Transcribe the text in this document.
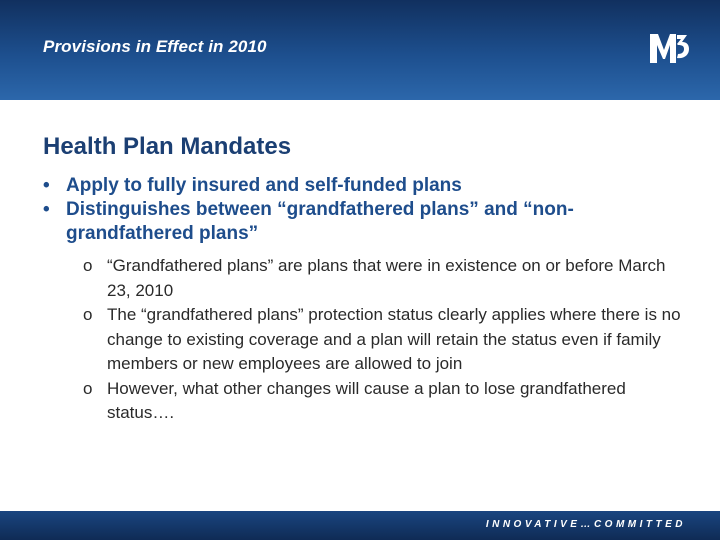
Provisions in Effect in 2010
M3
Health Plan Mandates
• Apply to fully insured and self-funded plans
• Distinguishes between “grandfathered plans” and “non-grandfathered plans”
o “Grandfathered plans” are plans that were in existence on or before March 23, 2010
o The “grandfathered plans” protection status clearly applies where there is no change to existing coverage and a plan will retain the status even if family members or new employees are allowed to join
o However, what other changes will cause a plan to lose grandfathered status….
INNOVATIVE…COMMITTED
